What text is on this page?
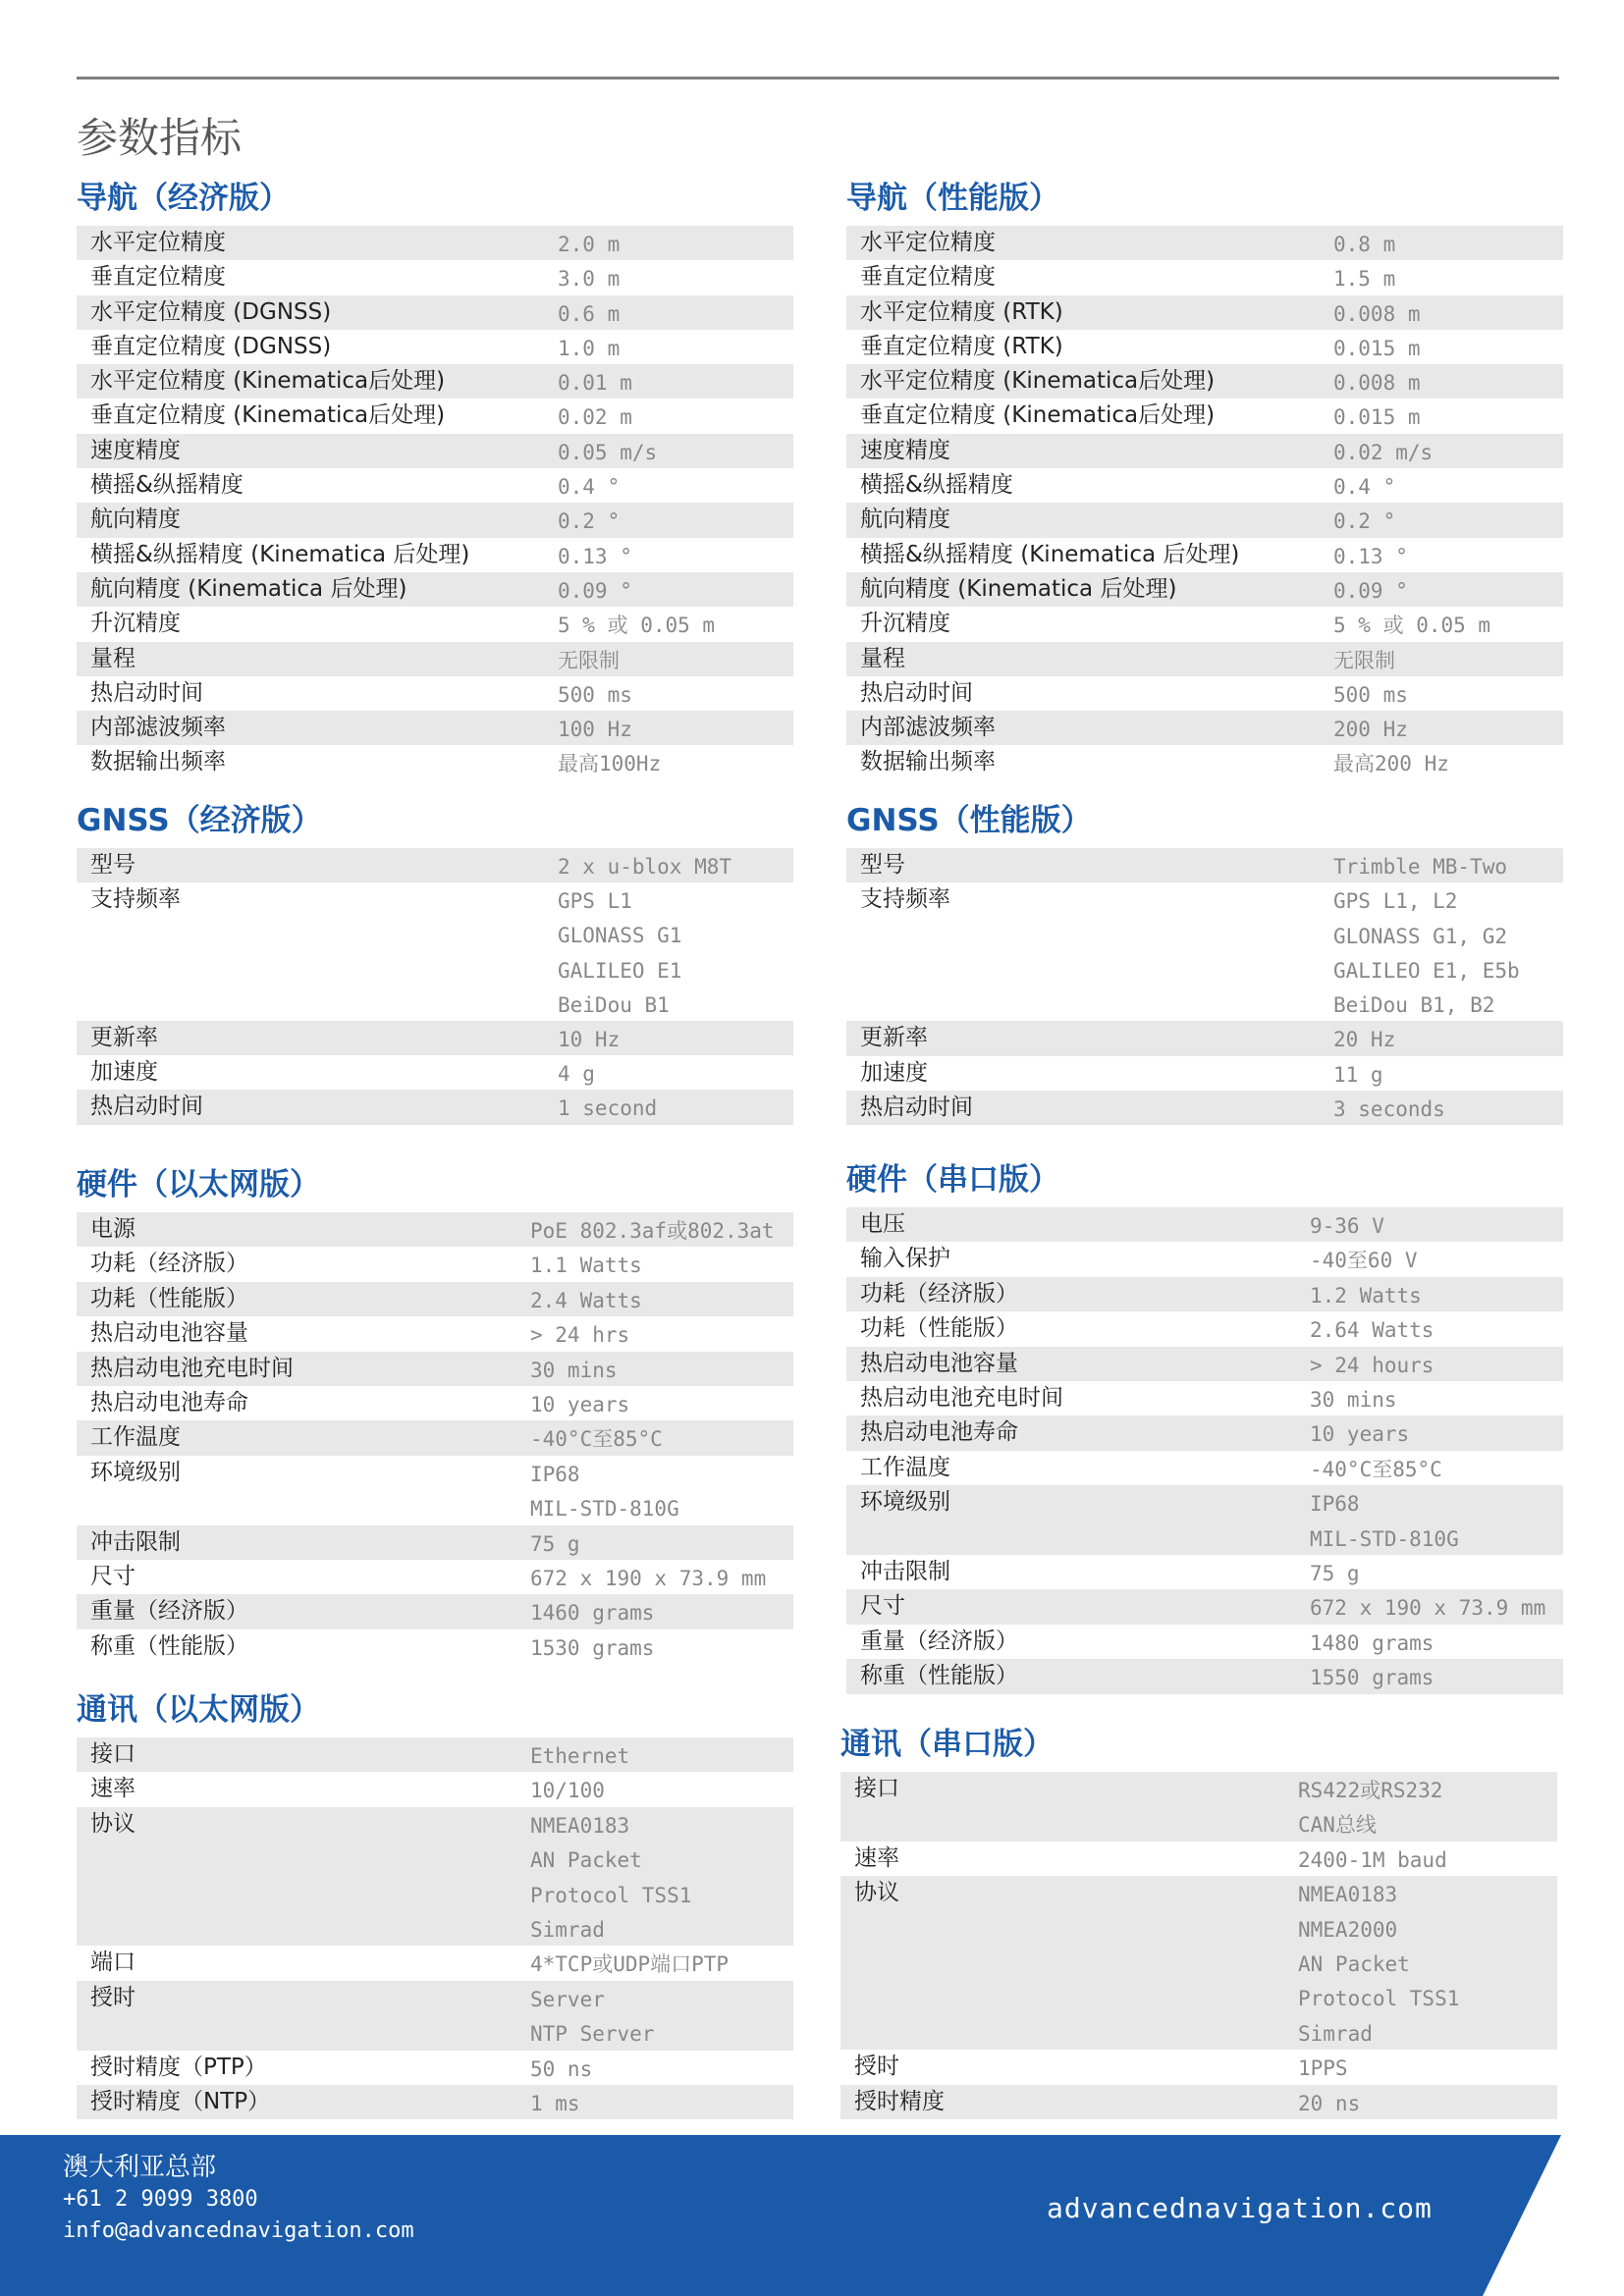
参数指标
导航（经济版）
水平定位精度	2.0 m
垂直定位精度	3.0 m
水平定位精度 (DGNSS)	0.6 m
垂直定位精度 (DGNSS)	1.0 m
水平定位精度 (Kinematica后处理)	0.01 m
垂直定位精度 (Kinematica后处理)	0.02 m
速度精度	0.05 m/s
横摇&纵摇精度	0.4 °
航向精度	0.2 °
横摇&纵摇精度 (Kinematica 后处理)	0.13 °
航向精度 (Kinematica 后处理)	0.09 °
升沉精度	5 % 或 0.05 m
量程	无限制
热启动时间	500 ms
内部滤波频率	100 Hz
数据输出频率	最高100Hz
导航（性能版）
水平定位精度	0.8 m
垂直定位精度	1.5 m
水平定位精度 (RTK)	0.008 m
垂直定位精度 (RTK)	0.015 m
水平定位精度 (Kinematica后处理)	0.008 m
垂直定位精度 (Kinematica后处理)	0.015 m
速度精度	0.02 m/s
横摇&纵摇精度	0.4 °
航向精度	0.2 °
横摇&纵摇精度 (Kinematica 后处理)	0.13 °
航向精度 (Kinematica 后处理)	0.09 °
升沉精度	5 % 或 0.05 m
量程	无限制
热启动时间	500 ms
内部滤波频率	200 Hz
数据输出频率	最高200 Hz
GNSS（经济版）
型号	2 x u-blox M8T
支持频率	GPS L1
GLONASS G1
GALILEO E1
BeiDou B1
更新率	10 Hz
加速度	4 g
热启动时间	1 second
GNSS（性能版）
型号	Trimble MB-Two
支持频率	GPS L1, L2
GLONASS G1, G2
GALILEO E1, E5b
BeiDou B1, B2
更新率	20 Hz
加速度	11 g
热启动时间	3 seconds
硬件（以太网版）
电源	PoE 802.3af或802.3at
功耗（经济版）	1.1 Watts
功耗（性能版）	2.4 Watts
热启动电池容量	> 24 hrs
热启动电池充电时间	30 mins
热启动电池寿命	10 years
工作温度	-40°C至85°C
环境级别	IP68
MIL-STD-810G
冲击限制	75 g
尺寸	672 x 190 x 73.9 mm
重量（经济版）	1460 grams
称重（性能版）	1530 grams
硬件（串口版）
电压	9-36 V
输入保护	-40至60 V
功耗（经济版）	1.2 Watts
功耗（性能版）	2.64 Watts
热启动电池容量	> 24 hours
热启动电池充电时间	30 mins
热启动电池寿命	10 years
工作温度	-40°C至85°C
环境级别	IP68
MIL-STD-810G
冲击限制	75 g
尺寸	672 x 190 x 73.9 mm
重量（经济版）	1480 grams
称重（性能版）	1550 grams
通讯（以太网版）
接口	Ethernet
速率	10/100
协议	NMEA0183
AN Packet
Protocol TSS1
Simrad
端口	4*TCP或UDP端口PTP
授时	Server
NTP Server
授时精度（PTP）	50 ns
授时精度（NTP）	1 ms
通讯（串口版）
接口	RS422或RS232
CAN总线
速率	2400-1M baud
协议	NMEA0183
NMEA2000
AN Packet
Protocol TSS1
Simrad
授时	1PPS
授时精度	20 ns
澳大利亚总部
+61 2 9099 3800
info@advancednavigation.com
advancednavigation.com
